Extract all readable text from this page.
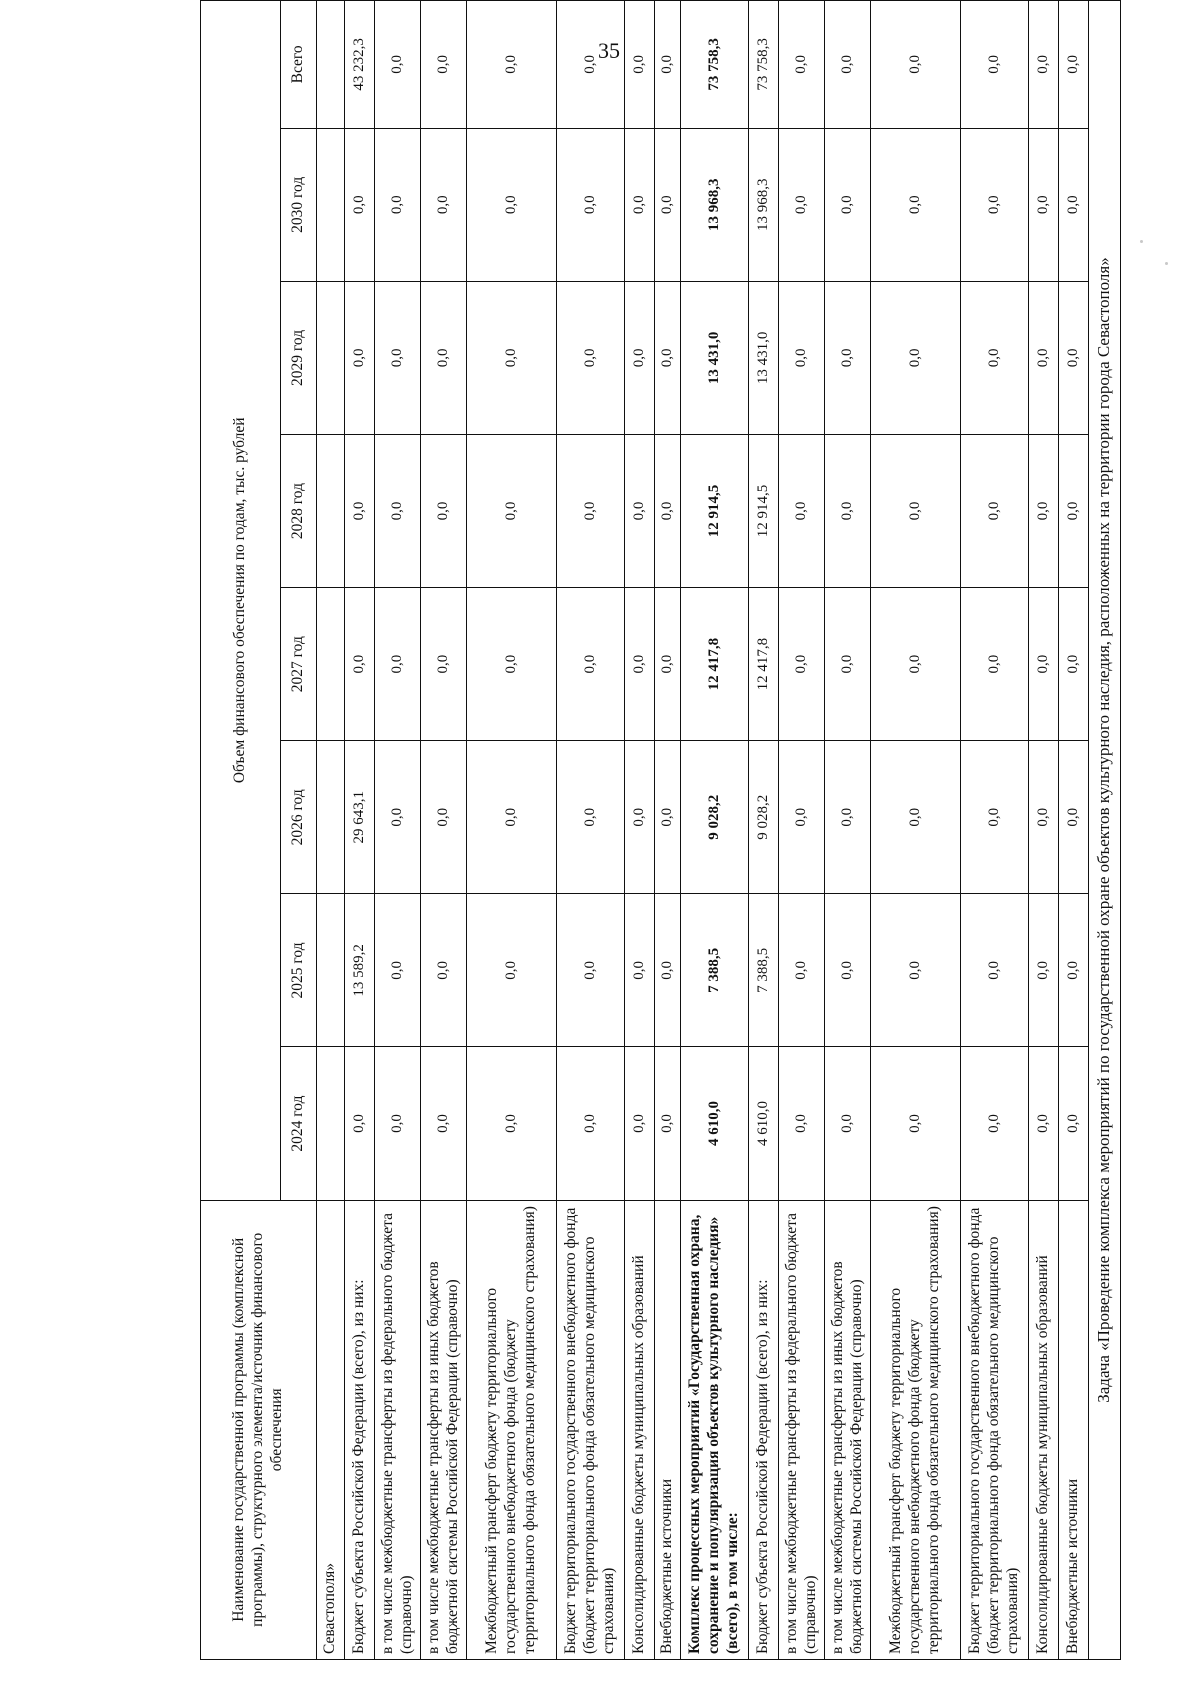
35
Наименование государственной программы (комплексной программы), структурного элемента/источник финансового обеспечения	Объем финансового обеспечения по годам, тыс. рублей							
	2024 год	2025 год	2026 год	2027 год	2028 год	2029 год	2030 год	Всего
Севастополя»								
Бюджет субъекта Российской Федерации (всего), из них:	0,0	13 589,2	29 643,1	0,0	0,0	0,0	0,0	43 232,3
в том числе межбюджетные трансферты из федерального бюджета (справочно)	0,0	0,0	0,0	0,0	0,0	0,0	0,0	0,0
в том числе межбюджетные трансферты из иных бюджетов бюджетной системы Российской Федерации (справочно)	0,0	0,0	0,0	0,0	0,0	0,0	0,0	0,0
Межбюджетный трансферт бюджету территориального государственного внебюджетного фонда (бюджету территориального фонда обязательного медицинского страхования)	0,0	0,0	0,0	0,0	0,0	0,0	0,0	0,0
Бюджет территориального государственного внебюджетного фонда (бюджет территориального фонда обязательного медицинского страхования)	0,0	0,0	0,0	0,0	0,0	0,0	0,0	0,0
Консолидированные бюджеты муниципальных образований	0,0	0,0	0,0	0,0	0,0	0,0	0,0	0,0
Внебюджетные источники	0,0	0,0	0,0	0,0	0,0	0,0	0,0	0,0
Комплекс процессных мероприятий «Государственная охрана, сохранение и популяризация объектов культурного наследия» (всего), в том числе:	4 610,0	7 388,5	9 028,2	12 417,8	12 914,5	13 431,0	13 968,3	73 758,3
Бюджет субъекта Российской Федерации (всего), из них:	4 610,0	7 388,5	9 028,2	12 417,8	12 914,5	13 431,0	13 968,3	73 758,3
в том числе межбюджетные трансферты из федерального бюджета (справочно)	0,0	0,0	0,0	0,0	0,0	0,0	0,0	0,0
в том числе межбюджетные трансферты из иных бюджетов бюджетной системы Российской Федерации (справочно)	0,0	0,0	0,0	0,0	0,0	0,0	0,0	0,0
Межбюджетный трансферт бюджету территориального государственного внебюджетного фонда (бюджету территориального фонда обязательного медицинского страхования)	0,0	0,0	0,0	0,0	0,0	0,0	0,0	0,0
Бюджет территориального государственного внебюджетного фонда (бюджет территориального фонда обязательного медицинского страхования)	0,0	0,0	0,0	0,0	0,0	0,0	0,0	0,0
Консолидированные бюджеты муниципальных образований	0,0	0,0	0,0	0,0	0,0	0,0	0,0	0,0
Внебюджетные источники	0,0	0,0	0,0	0,0	0,0	0,0	0,0	0,0
Задача «Проведение комплекса мероприятий по государственной охране объектов культурного наследия, расположенных на территории города Севастополя»								
